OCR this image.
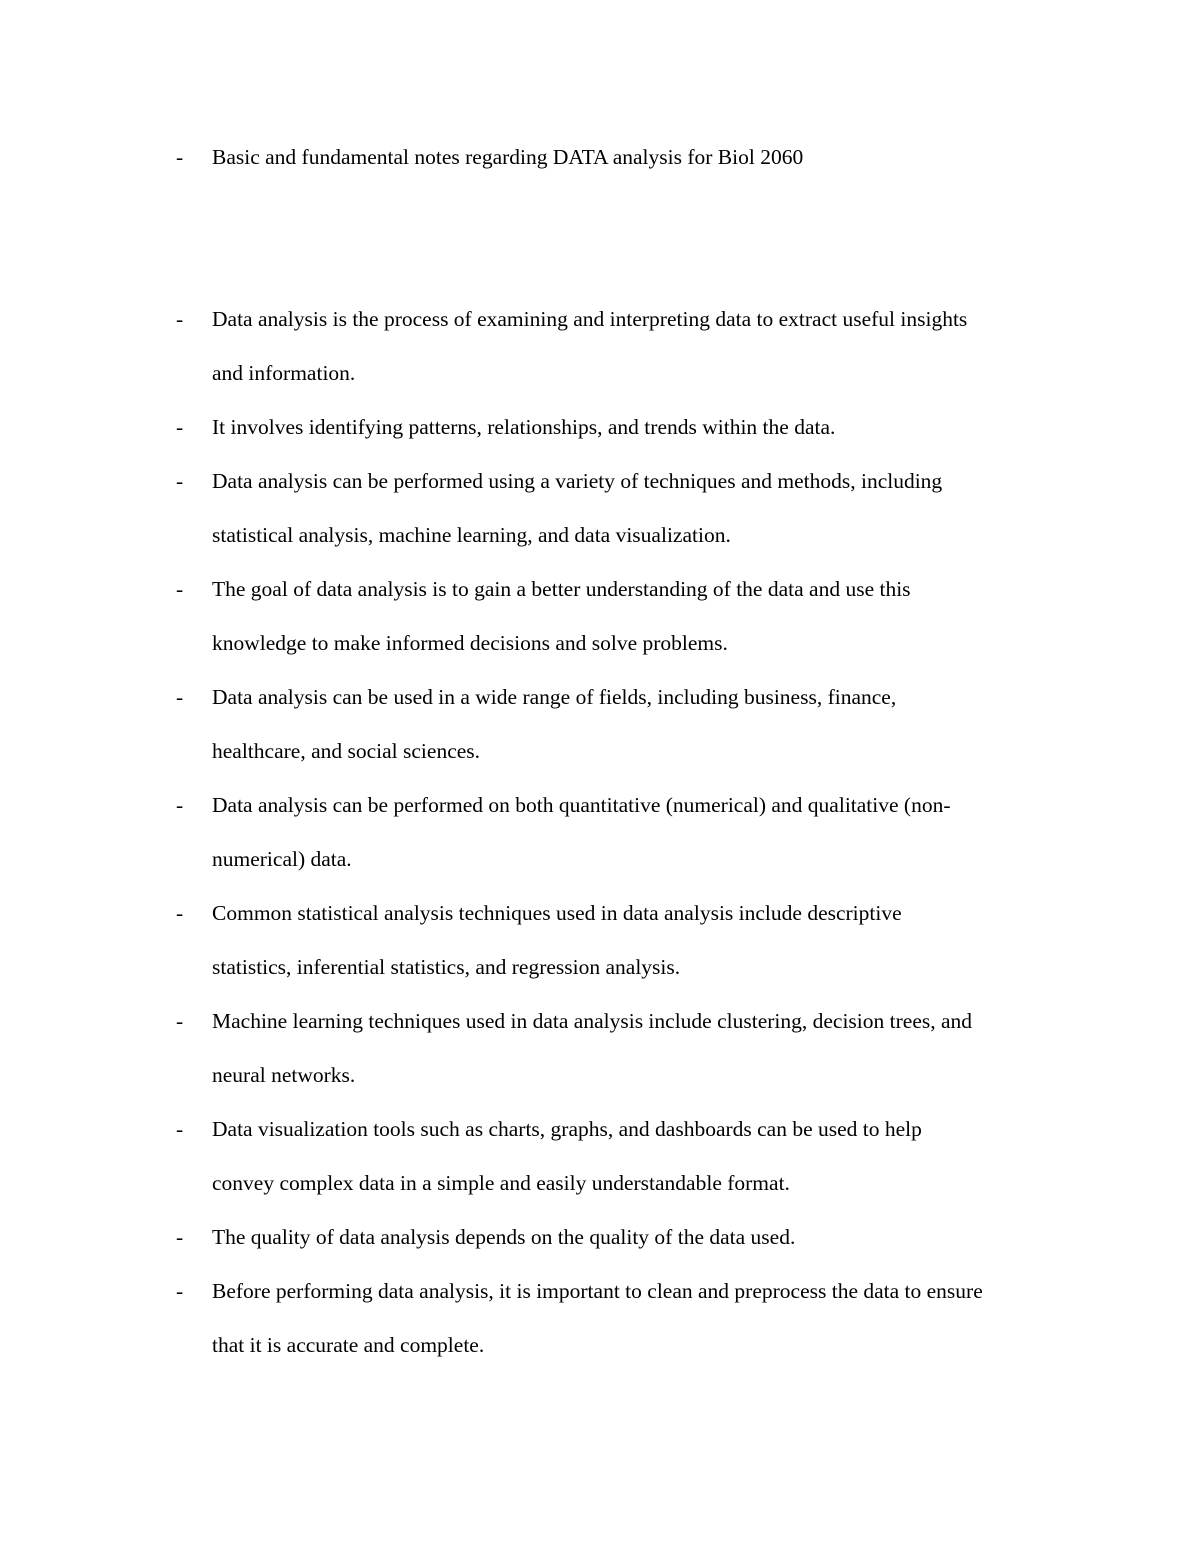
- Basic and fundamental notes regarding DATA analysis for Biol 2060
- Data analysis is the process of examining and interpreting data to extract useful insights
and information.
- It involves identifying patterns, relationships, and trends within the data.
- Data analysis can be performed using a variety of techniques and methods, including
statistical analysis, machine learning, and data visualization.
- The goal of data analysis is to gain a better understanding of the data and use this
knowledge to make informed decisions and solve problems.
- Data analysis can be used in a wide range of fields, including business, finance,
healthcare, and social sciences.
- Data analysis can be performed on both quantitative (numerical) and qualitative (non-
numerical) data.
- Common statistical analysis techniques used in data analysis include descriptive
statistics, inferential statistics, and regression analysis.
- Machine learning techniques used in data analysis include clustering, decision trees, and
neural networks.
- Data visualization tools such as charts, graphs, and dashboards can be used to help
convey complex data in a simple and easily understandable format.
- The quality of data analysis depends on the quality of the data used.
- Before performing data analysis, it is important to clean and preprocess the data to ensure
that it is accurate and complete.
